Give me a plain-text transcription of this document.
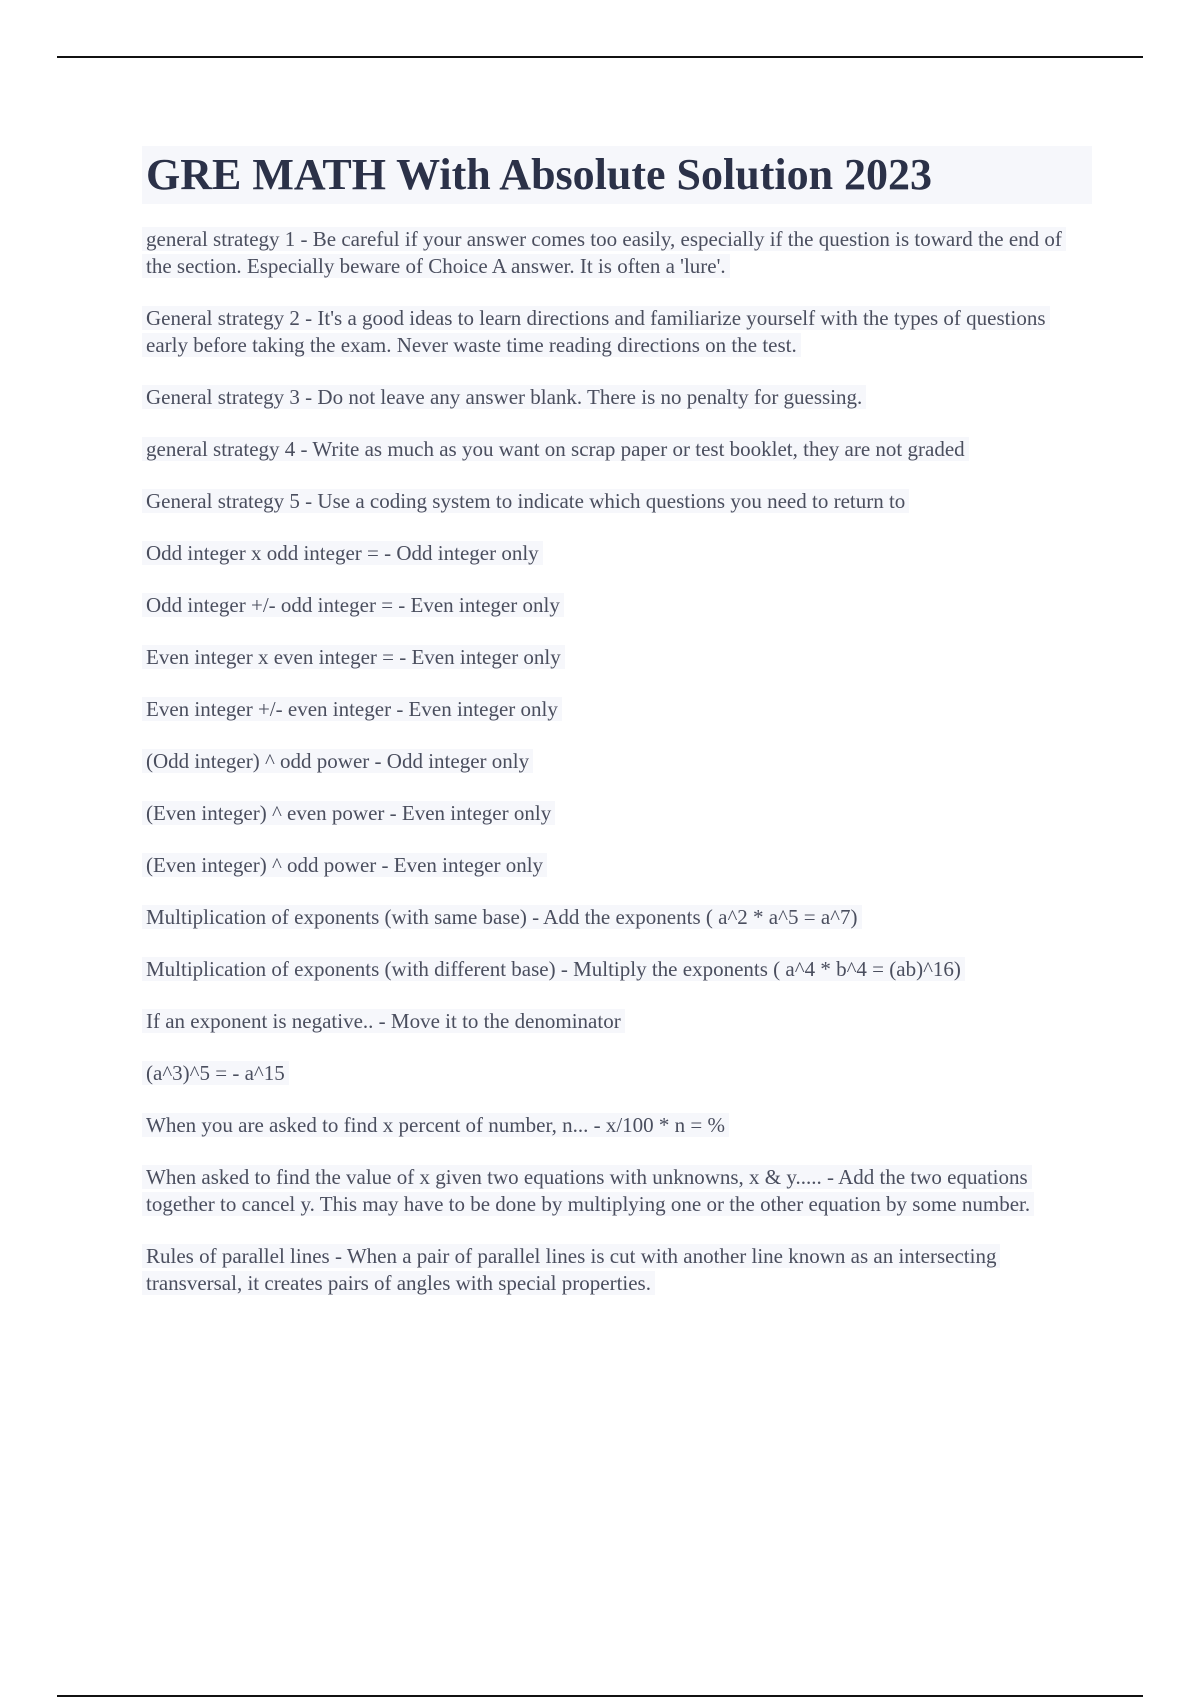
GRE MATH With Absolute Solution 2023

general strategy 1 - Be careful if your answer comes too easily, especially if the question is toward the end of the section. Especially beware of Choice A answer. It is often a 'lure'.

General strategy 2 - It's a good ideas to learn directions and familiarize yourself with the types of questions early before taking the exam. Never waste time reading directions on the test.

General strategy 3 - Do not leave any answer blank. There is no penalty for guessing.

general strategy 4 - Write as much as you want on scrap paper or test booklet, they are not graded

General strategy 5 - Use a coding system to indicate which questions you need to return to

Odd integer x odd integer = - Odd integer only

Odd integer +/- odd integer = - Even integer only

Even integer x even integer = - Even integer only

Even integer +/- even integer - Even integer only

(Odd integer) ^ odd power - Odd integer only

(Even integer) ^ even power - Even integer only

(Even integer) ^ odd power - Even integer only

Multiplication of exponents (with same base) - Add the exponents ( a^2 * a^5 = a^7)

Multiplication of exponents (with different base) - Multiply the exponents ( a^4 * b^4 = (ab)^16)

If an exponent is negative.. - Move it to the denominator

(a^3)^5 = - a^15

When you are asked to find x percent of number, n... - x/100 * n = %

When asked to find the value of x given two equations with unknowns, x & y..... - Add the two equations together to cancel y. This may have to be done by multiplying one or the other equation by some number.

Rules of parallel lines - When a pair of parallel lines is cut with another line known as an intersecting transversal, it creates pairs of angles with special properties.
